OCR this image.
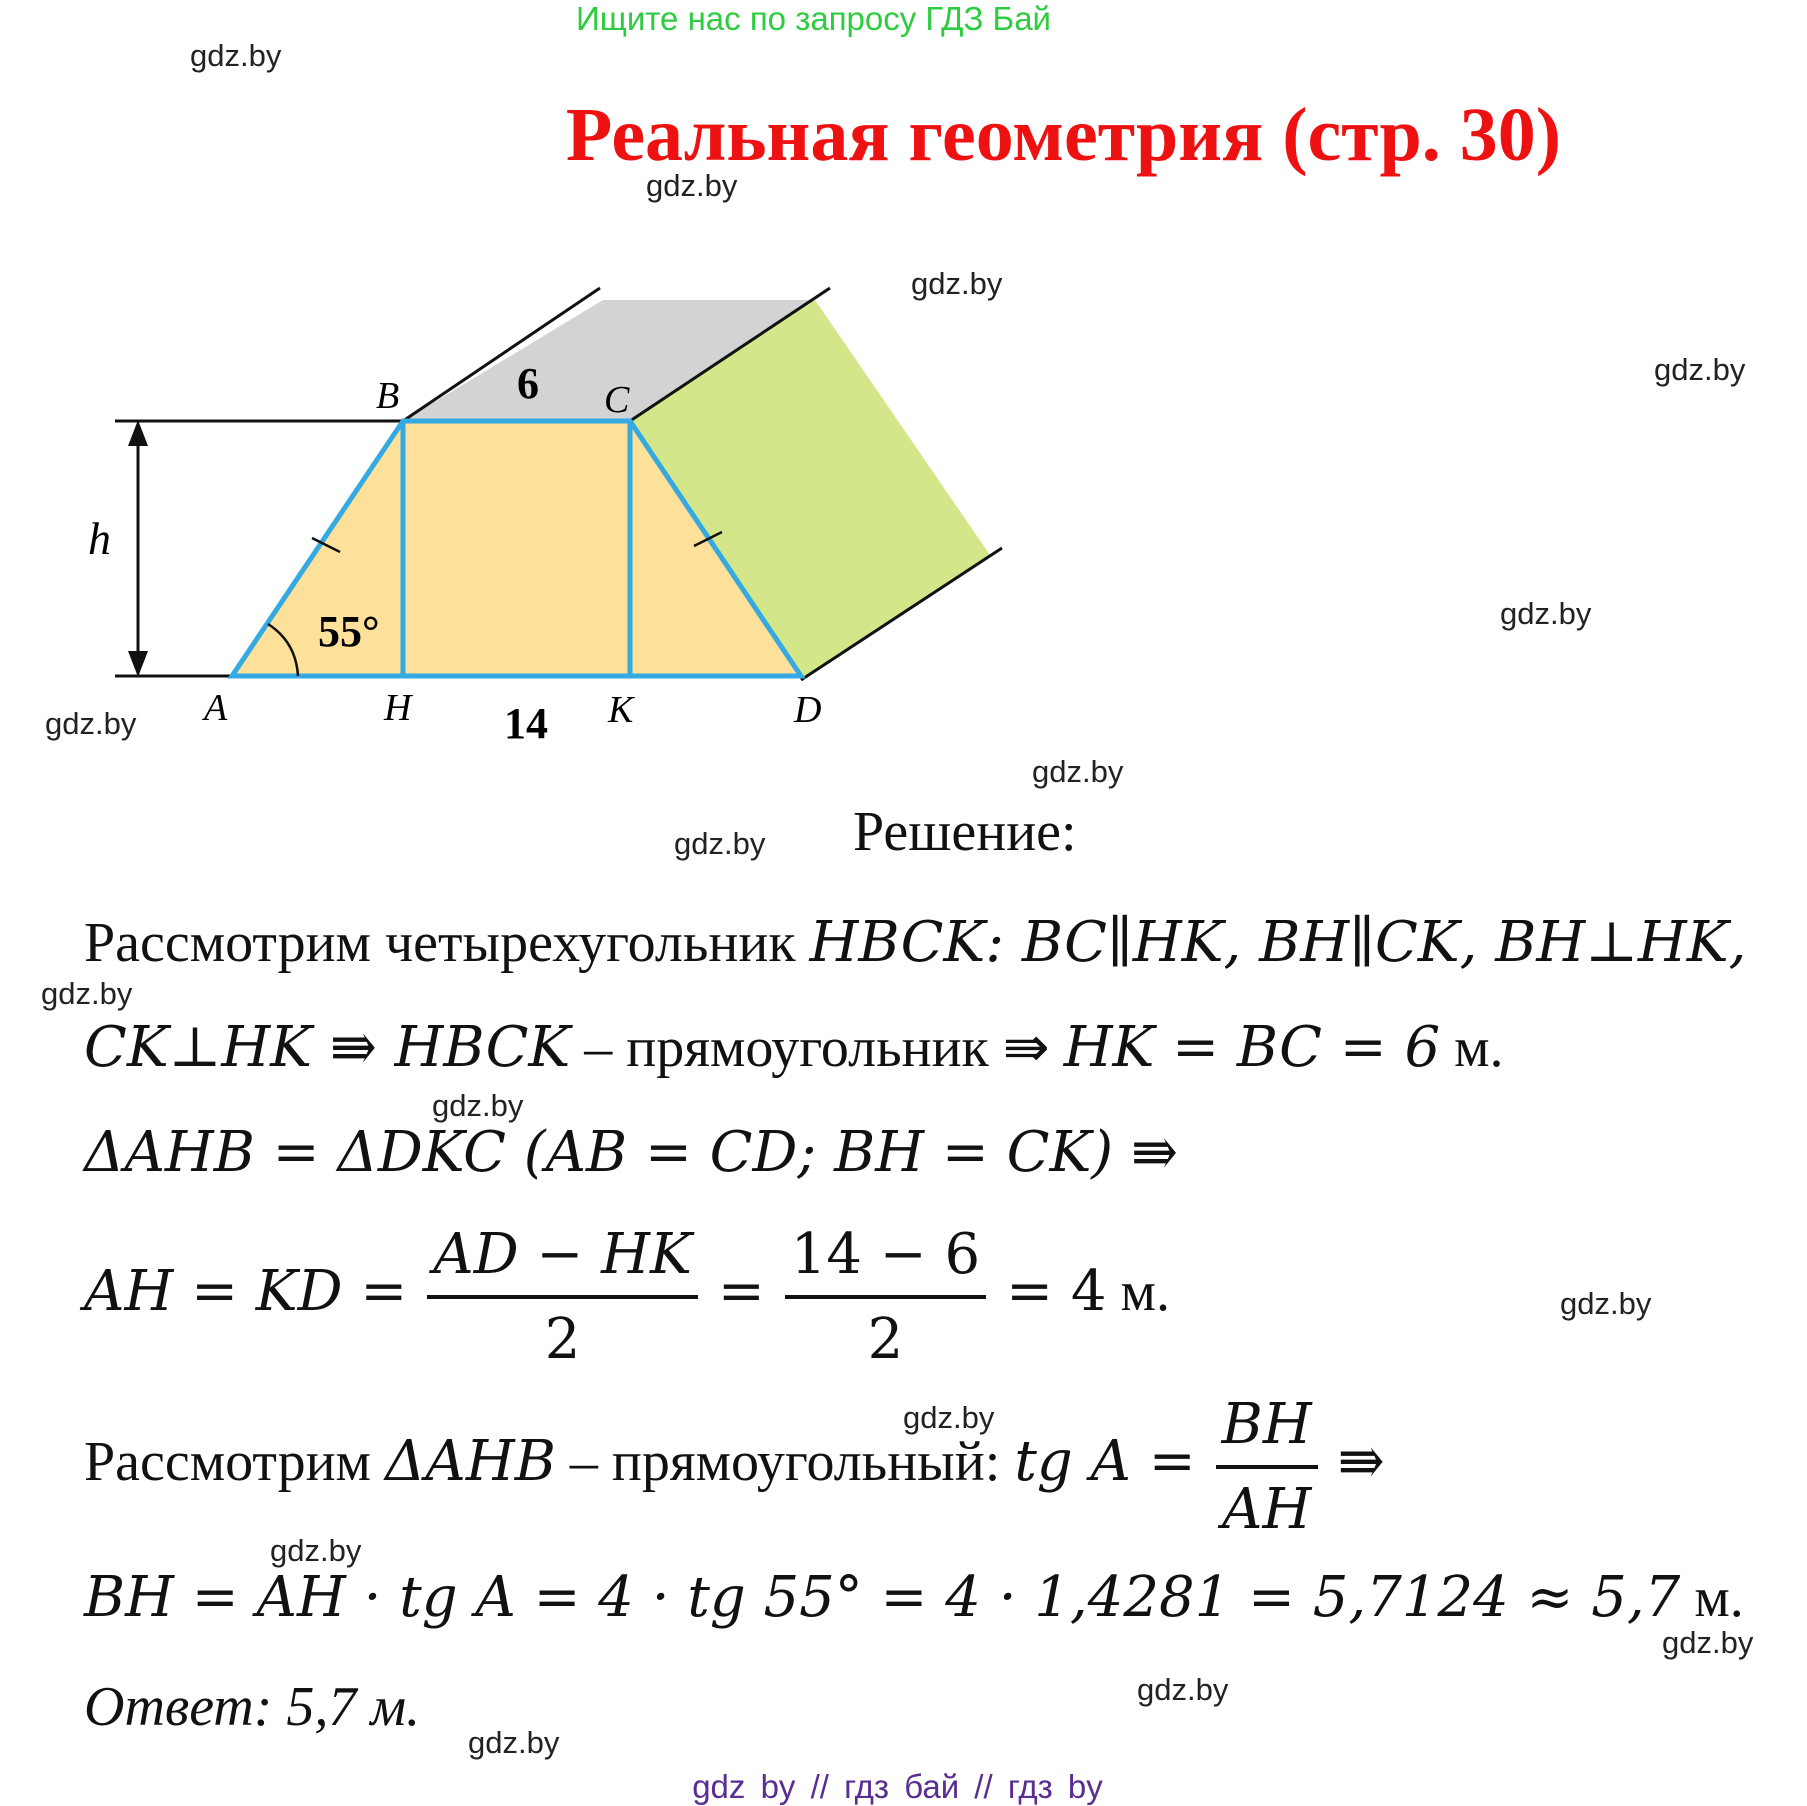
Ищите нас по запросу ГДЗ Бай
gdz.by
Реальная геометрия (стр. 30)
gdz.by
gdz.by
gdz.by
gdz.by
gdz.by
gdz.by
gdz.by
gdz.by
gdz.by
gdz.by
gdz.by
gdz.by
gdz.by
gdz.by
gdz.by
B	C
h
A	H	K	D
6
14
55°
Решение:
Рассмотрим четырехугольник HBCK: BC∥HK, BH∥CK, BH⊥HK,
CK⊥HK ⇛ HBCK – прямоугольник ⇛ HK = BC = 6 м.
ΔAHB = ΔDKC (AB = CD; BH = CK) ⇛
AH = KD = $\frac{AD - HK}{2} = \frac{14 - 6}{2} = 4$ м.
Рассмотрим ΔAHB – прямоугольный: tg $A = \frac{BH}{AH}$ ⇛
BH = AH · tg A = 4 · tg 55° = 4 · 1,4281 = 5,7124 ≈ 5,7 м.
Ответ: 5,7 м.
gdz by // гдз бай // гдз by
